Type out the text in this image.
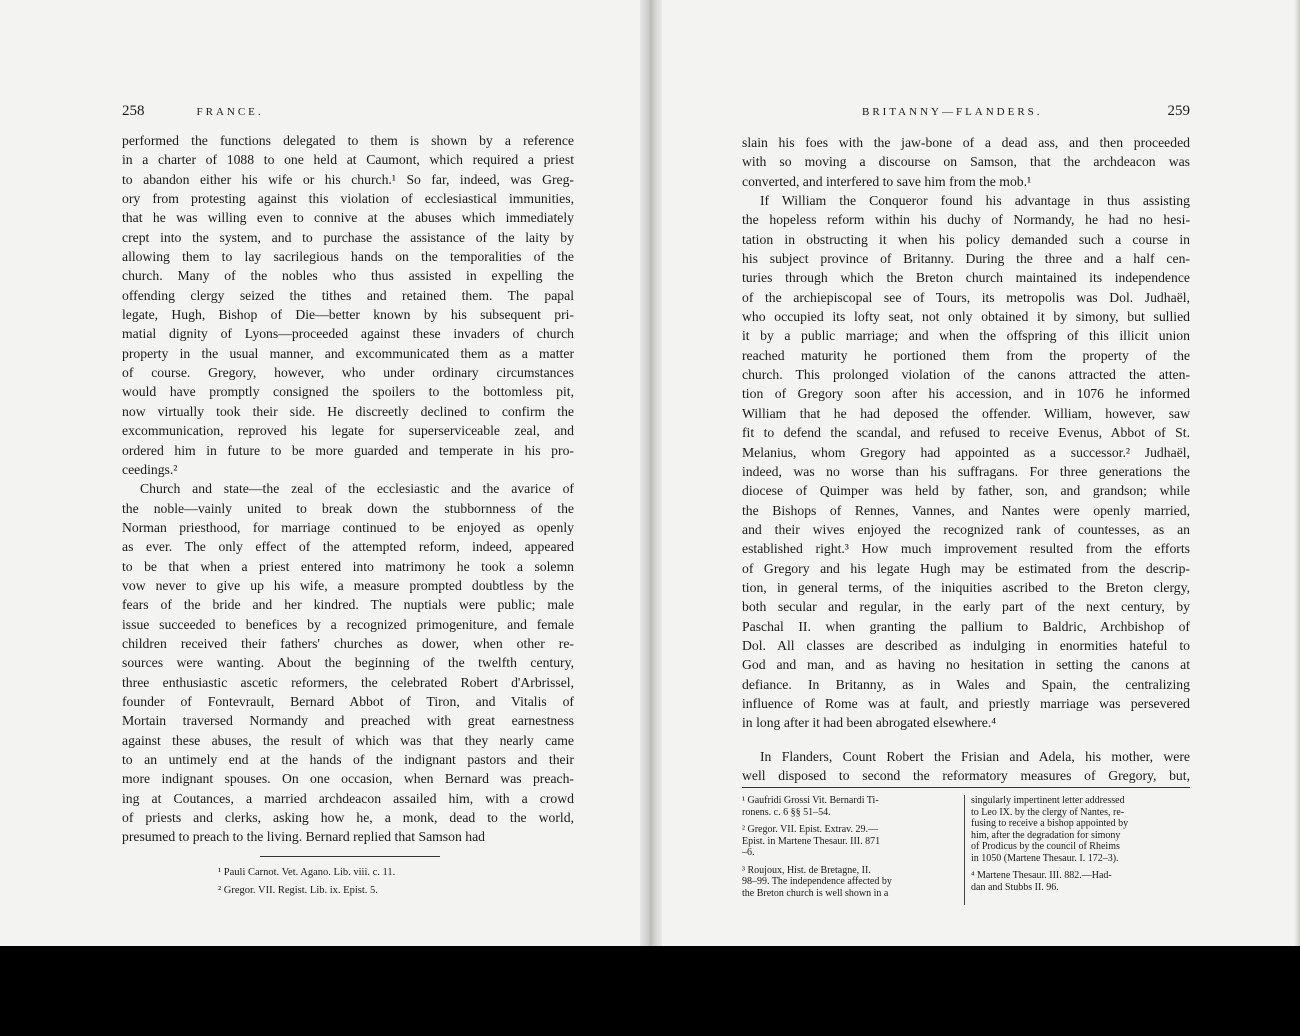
258	FRANCE.
performed the functions delegated to them is shown by a reference
in a charter of 1088 to one held at Caumont, which required a priest
to abandon either his wife or his church.¹ So far, indeed, was Greg-
ory from protesting against this violation of ecclesiastical immunities,
that he was willing even to connive at the abuses which immediately
crept into the system, and to purchase the assistance of the laity by
allowing them to lay sacrilegious hands on the temporalities of the
church. Many of the nobles who thus assisted in expelling the
offending clergy seized the tithes and retained them. The papal
legate, Hugh, Bishop of Die—better known by his subsequent pri-
matial dignity of Lyons—proceeded against these invaders of church
property in the usual manner, and excommunicated them as a matter
of course. Gregory, however, who under ordinary circumstances
would have promptly consigned the spoilers to the bottomless pit,
now virtually took their side. He discreetly declined to confirm the
excommunication, reproved his legate for superserviceable zeal, and
ordered him in future to be more guarded and temperate in his pro-
ceedings.²
Church and state—the zeal of the ecclesiastic and the avarice of
the noble—vainly united to break down the stubbornness of the
Norman priesthood, for marriage continued to be enjoyed as openly
as ever. The only effect of the attempted reform, indeed, appeared
to be that when a priest entered into matrimony he took a solemn
vow never to give up his wife, a measure prompted doubtless by the
fears of the bride and her kindred. The nuptials were public; male
issue succeeded to benefices by a recognized primogeniture, and female
children received their fathers' churches as dower, when other re-
sources were wanting. About the beginning of the twelfth century,
three enthusiastic ascetic reformers, the celebrated Robert d'Arbrissel,
founder of Fontevrault, Bernard Abbot of Tiron, and Vitalis of
Mortain traversed Normandy and preached with great earnestness
against these abuses, the result of which was that they nearly came
to an untimely end at the hands of the indignant pastors and their
more indignant spouses. On one occasion, when Bernard was preach-
ing at Coutances, a married archdeacon assailed him, with a crowd
of priests and clerks, asking how he, a monk, dead to the world,
presumed to preach to the living. Bernard replied that Samson had
¹ Pauli Carnot. Vet. Agano. Lib. viii. c. 11.
² Gregor. VII. Regist. Lib. ix. Epist. 5.
BRITANNY—FLANDERS.	259
slain his foes with the jaw-bone of a dead ass, and then proceeded
with so moving a discourse on Samson, that the archdeacon was
converted, and interfered to save him from the mob.¹
If William the Conqueror found his advantage in thus assisting
the hopeless reform within his duchy of Normandy, he had no hesi-
tation in obstructing it when his policy demanded such a course in
his subject province of Britanny. During the three and a half cen-
turies through which the Breton church maintained its independence
of the archiepiscopal see of Tours, its metropolis was Dol. Judhaël,
who occupied its lofty seat, not only obtained it by simony, but sullied
it by a public marriage; and when the offspring of this illicit union
reached maturity he portioned them from the property of the
church. This prolonged violation of the canons attracted the atten-
tion of Gregory soon after his accession, and in 1076 he informed
William that he had deposed the offender. William, however, saw
fit to defend the scandal, and refused to receive Evenus, Abbot of St.
Melanius, whom Gregory had appointed as a successor.² Judhaël,
indeed, was no worse than his suffragans. For three generations the
diocese of Quimper was held by father, son, and grandson; while
the Bishops of Rennes, Vannes, and Nantes were openly married,
and their wives enjoyed the recognized rank of countesses, as an
established right.³ How much improvement resulted from the efforts
of Gregory and his legate Hugh may be estimated from the descrip-
tion, in general terms, of the iniquities ascribed to the Breton clergy,
both secular and regular, in the early part of the next century, by
Paschal II. when granting the pallium to Baldric, Archbishop of
Dol. All classes are described as indulging in enormities hateful to
God and man, and as having no hesitation in setting the canons at
defiance. In Britanny, as in Wales and Spain, the centralizing
influence of Rome was at fault, and priestly marriage was persevered
in long after it had been abrogated elsewhere.⁴
In Flanders, Count Robert the Frisian and Adela, his mother, were
well disposed to second the reformatory measures of Gregory, but,

¹ Gaufridi Grossi Vit. Bernardi Ti-
ronens. c. 6 §§ 51–54.

² Gregor. VII. Epist. Extrav. 29.—
Epist. in Martene Thesaur. III. 871
–6.

³ Roujoux, Hist. de Bretagne, II.
98–99. The independence affected by
the Breton church is well shown in a

singularly impertinent letter addressed
to Leo IX. by the clergy of Nantes, re-
fusing to receive a bishop appointed by
him, after the degradation for simony
of Prodicus by the council of Rheims
in 1050 (Martene Thesaur. I. 172–3).

⁴ Martene Thesaur. III. 882.—Had-
dan and Stubbs II. 96.
